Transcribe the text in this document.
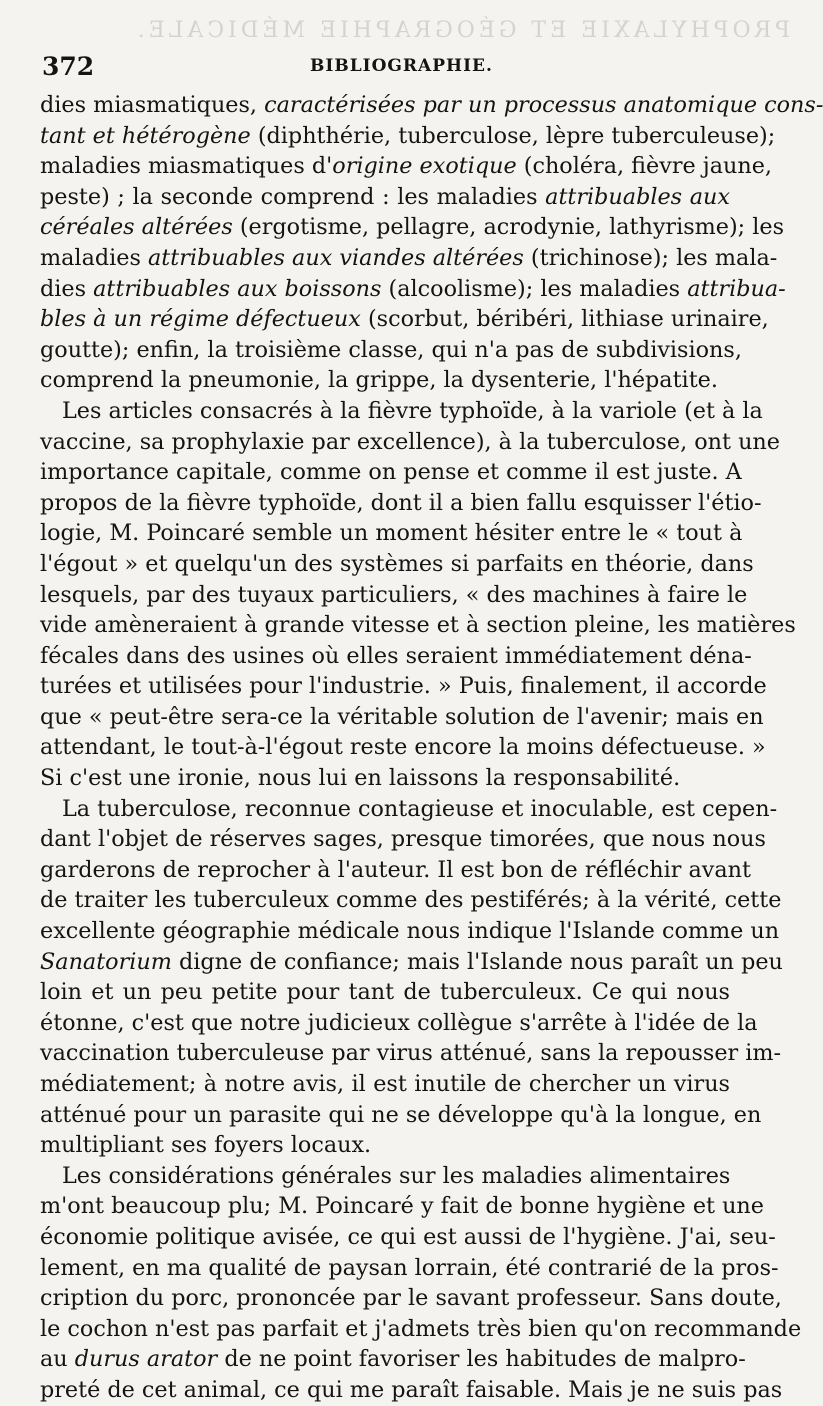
PROPHYLAXIE ET GÉOGRAPHIE MÉDICALE.
372	BIBLIOGRAPHIE.
dies miasmatiques, caractérisées par un processus anatomique cons-
tant et hétérogène (diphthérie, tuberculose, lèpre tuberculeuse);
maladies miasmatiques d'origine exotique (choléra, fièvre jaune,
peste) ; la seconde comprend : les maladies attribuables aux
céréales altérées (ergotisme, pellagre, acrodynie, lathyrisme); les
maladies attribuables aux viandes altérées (trichinose); les mala-
dies attribuables aux boissons (alcoolisme); les maladies attribua-
bles à un régime défectueux (scorbut, béribéri, lithiase urinaire,
goutte); enfin, la troisième classe, qui n'a pas de subdivisions,
comprend la pneumonie, la grippe, la dysenterie, l'hépatite.
Les articles consacrés à la fièvre typhoïde, à la variole (et à la
vaccine, sa prophylaxie par excellence), à la tuberculose, ont une
importance capitale, comme on pense et comme il est juste. A
propos de la fièvre typhoïde, dont il a bien fallu esquisser l'étio-
logie, M. Poincaré semble un moment hésiter entre le « tout à
l'égout » et quelqu'un des systèmes si parfaits en théorie, dans
lesquels, par des tuyaux particuliers, « des machines à faire le
vide amèneraient à grande vitesse et à section pleine, les matières
fécales dans des usines où elles seraient immédiatement déna-
turées et utilisées pour l'industrie. » Puis, finalement, il accorde
que « peut-être sera-ce la véritable solution de l'avenir; mais en
attendant, le tout-à-l'égout reste encore la moins défectueuse. »
Si c'est une ironie, nous lui en laissons la responsabilité.
La tuberculose, reconnue contagieuse et inoculable, est cepen-
dant l'objet de réserves sages, presque timorées, que nous nous
garderons de reprocher à l'auteur. Il est bon de réfléchir avant
de traiter les tuberculeux comme des pestiférés; à la vérité, cette
excellente géographie médicale nous indique l'Islande comme un
Sanatorium digne de confiance; mais l'Islande nous paraît un peu
loin et un peu petite pour tant de tuberculeux. Ce qui nous
étonne, c'est que notre judicieux collègue s'arrête à l'idée de la
vaccination tuberculeuse par virus atténué, sans la repousser im-
médiatement; à notre avis, il est inutile de chercher un virus
atténué pour un parasite qui ne se développe qu'à la longue, en
multipliant ses foyers locaux.
Les considérations générales sur les maladies alimentaires
m'ont beaucoup plu; M. Poincaré y fait de bonne hygiène et une
économie politique avisée, ce qui est aussi de l'hygiène. J'ai, seu-
lement, en ma qualité de paysan lorrain, été contrarié de la pros-
cription du porc, prononcée par le savant professeur. Sans doute,
le cochon n'est pas parfait et j'admets très bien qu'on recommande
au durus arator de ne point favoriser les habitudes de malpro-
preté de cet animal, ce qui me paraît faisable. Mais je ne suis pas
